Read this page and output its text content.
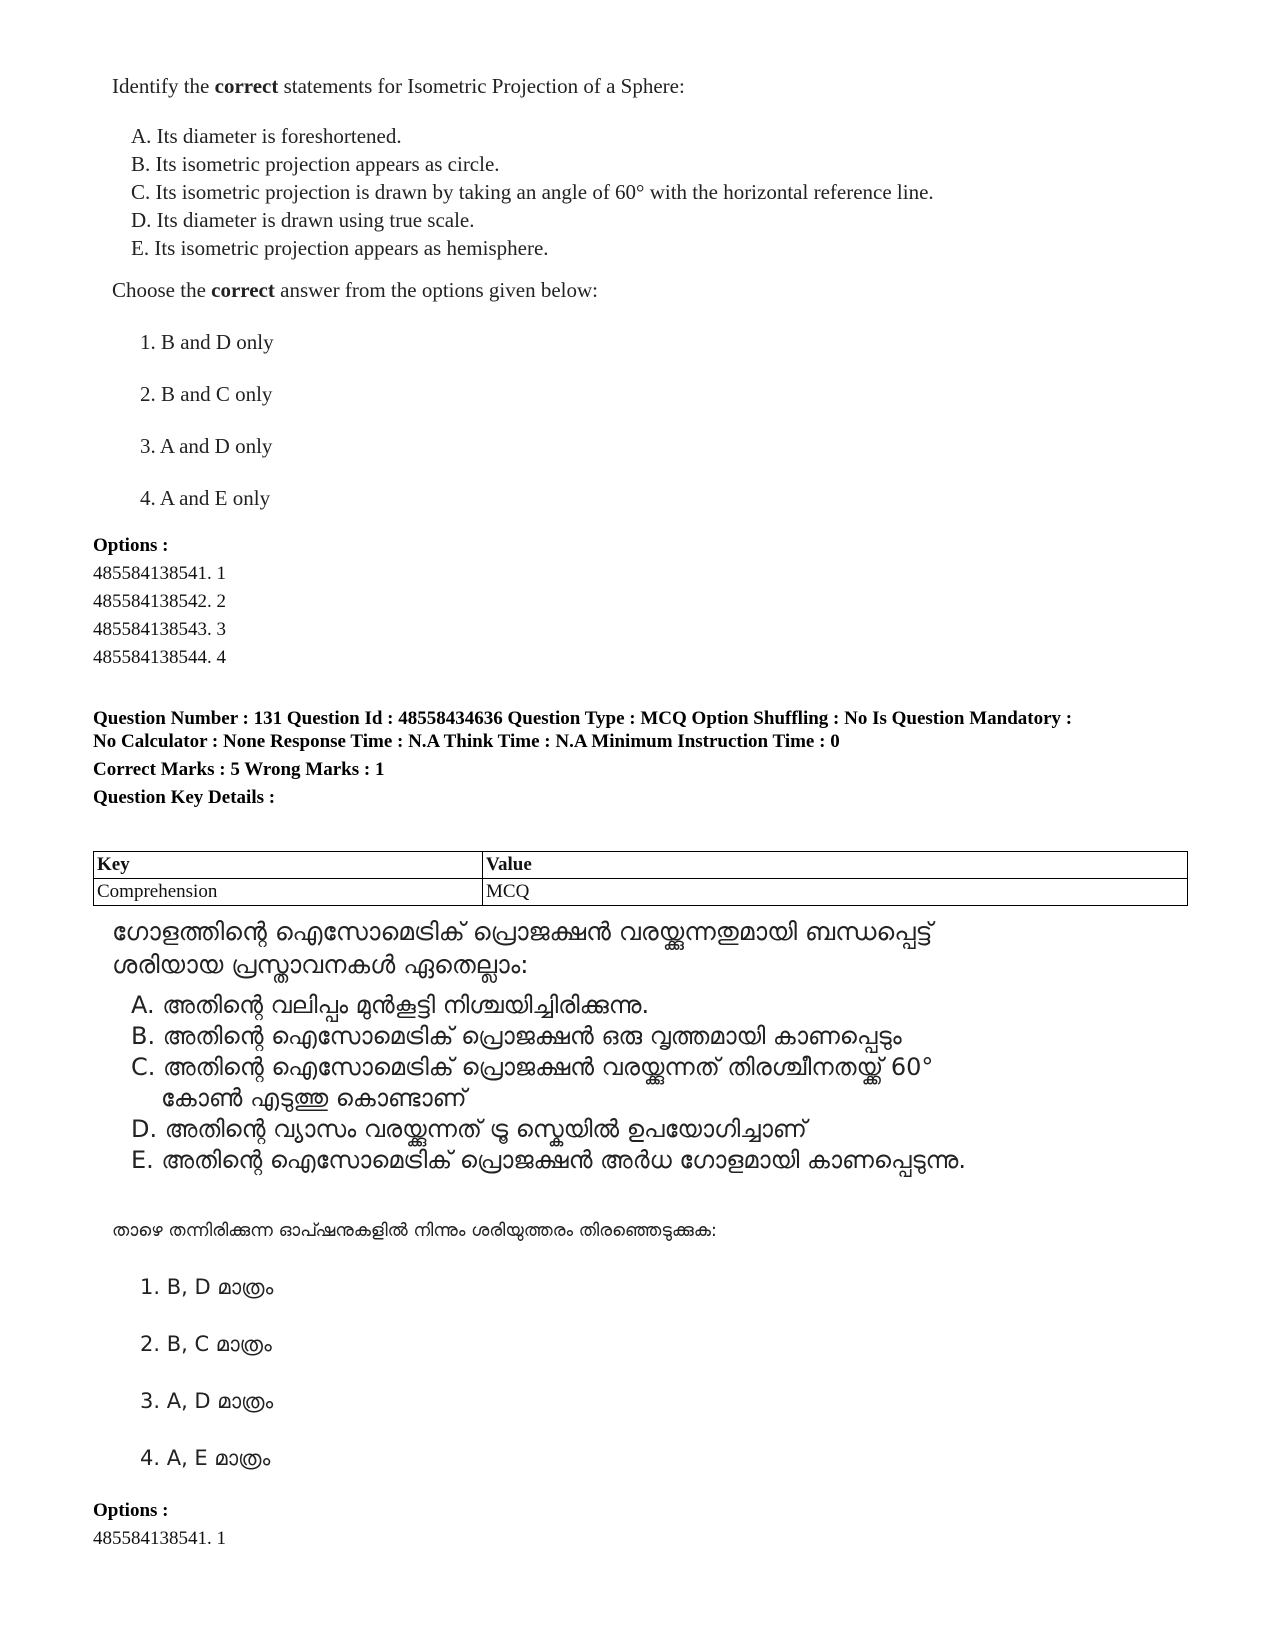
Identify the correct statements for Isometric Projection of a Sphere:
A. Its diameter is foreshortened.
B. Its isometric projection appears as circle.
C. Its isometric projection is drawn by taking an angle of 60° with the horizontal reference line.
D. Its diameter is drawn using true scale.
E. Its isometric projection appears as hemisphere.
Choose the correct answer from the options given below:
1. B and D only
2. B and C only
3. A and D only
4. A and E only
Options :
485584138541. 1
485584138542. 2
485584138543. 3
485584138544. 4
Question Number : 131 Question Id : 48558434636 Question Type : MCQ Option Shuffling : No Is Question Mandatory :
No Calculator : None Response Time : N.A Think Time : N.A Minimum Instruction Time : 0
Correct Marks : 5 Wrong Marks : 1
Question Key Details :
Key	Value
Comprehension	MCQ
ഗോളത്തിന്റെ ഐസോമെട്രിക് പ്രൊജക്ഷൻ വരയ്ക്കുന്നതുമായി ബന്ധപ്പെട്ട്
ശരിയായ പ്രസ്താവനകൾ ഏതെല്ലാം:
A. അതിന്റെ വലിപ്പം മുൻകൂട്ടി നിശ്ചയിച്ചിരിക്കുന്നു.
B. അതിന്റെ ഐസോമെട്രിക് പ്രൊജക്ഷൻ ഒരു വൃത്തമായി കാണപ്പെടും
C. അതിന്റെ ഐസോമെട്രിക് പ്രൊജക്ഷൻ വരയ്ക്കുന്നത് തിരശ്ചീനതയ്ക്ക് 60°
കോൺ എടുത്തു കൊണ്ടാണ്
D. അതിന്റെ വ്യാസം വരയ്ക്കുന്നത് ട്രൂ സ്കെയിൽ ഉപയോഗിച്ചാണ്
E. അതിന്റെ ഐസോമെട്രിക് പ്രൊജക്ഷൻ അർധ ഗോളമായി കാണപ്പെടുന്നു.
താഴെ തന്നിരിക്കുന്ന ഓപ്ഷനുകളിൽ നിന്നും ശരിയുത്തരം തിരഞ്ഞെടുക്കുക:
1. B, D മാത്രം
2. B, C മാത്രം
3. A, D മാത്രം
4. A, E മാത്രം
Options :
485584138541. 1
